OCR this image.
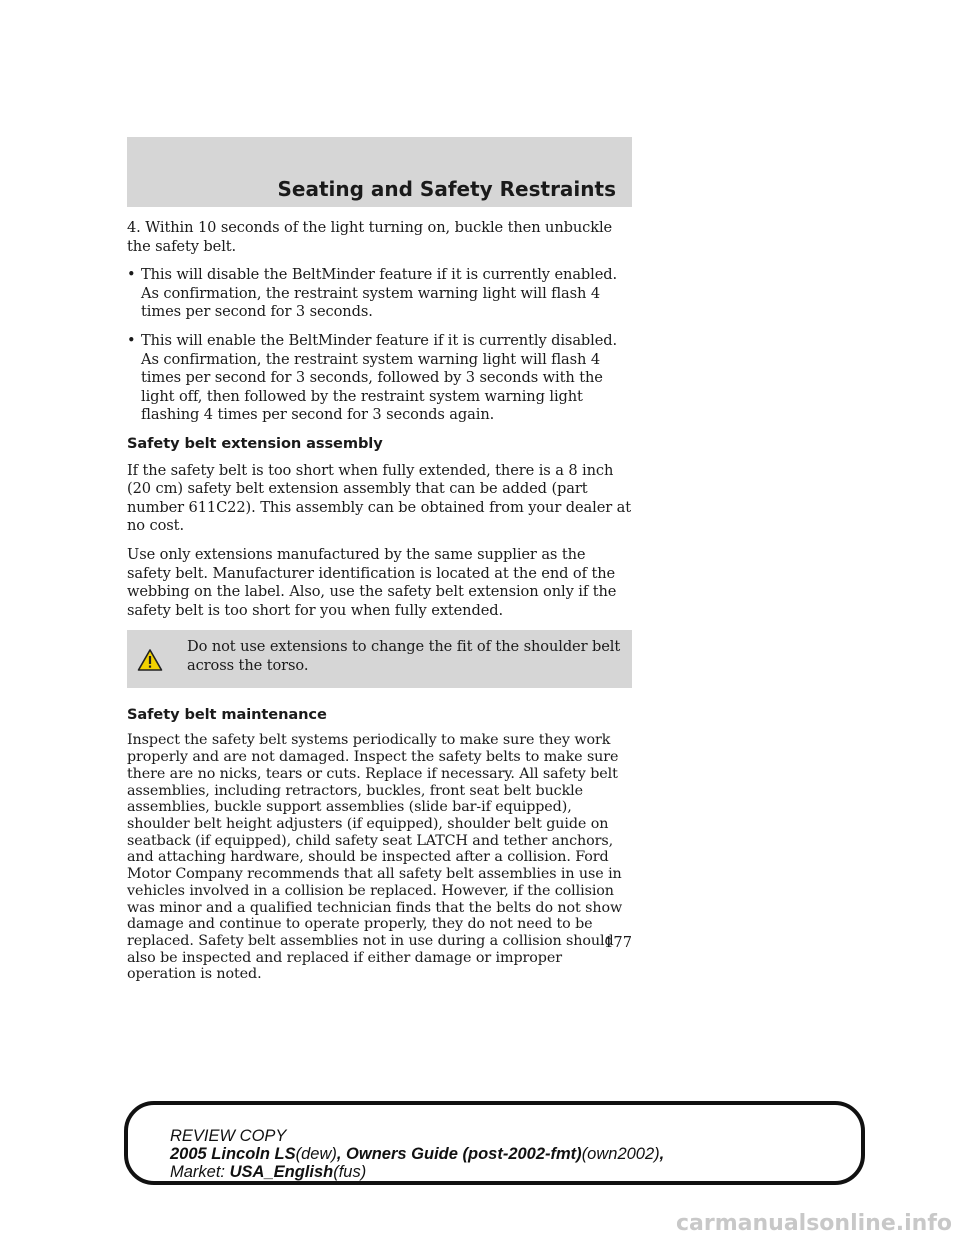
Seating and Safety Restraints

4. Within 10 seconds of the light turning on, buckle then unbuckle the safety belt.

• This will disable the BeltMinder feature if it is currently enabled. As confirmation, the restraint system warning light will flash 4 times per second for 3 seconds.
• This will enable the BeltMinder feature if it is currently disabled. As confirmation, the restraint system warning light will flash 4 times per second for 3 seconds, followed by 3 seconds with the light off, then followed by the restraint system warning light flashing 4 times per second for 3 seconds again.
Safety belt extension assembly

If the safety belt is too short when fully extended, there is a 8 inch (20 cm) safety belt extension assembly that can be added (part number 611C22). This assembly can be obtained from your dealer at no cost.

Use only extensions manufactured by the same supplier as the safety belt. Manufacturer identification is located at the end of the webbing on the label. Also, use the safety belt extension only if the safety belt is too short for you when fully extended.

Do not use extensions to change the fit of the shoulder belt across the torso.
Safety belt maintenance

Inspect the safety belt systems periodically to make sure they work properly and are not damaged. Inspect the safety belts to make sure there are no nicks, tears or cuts. Replace if necessary. All safety belt assemblies, including retractors, buckles, front seat belt buckle assemblies, buckle support assemblies (slide bar-if equipped), shoulder belt height adjusters (if equipped), shoulder belt guide on seatback (if equipped), child safety seat LATCH and tether anchors, and attaching hardware, should be inspected after a collision. Ford Motor Company recommends that all safety belt assemblies in use in vehicles involved in a collision be replaced. However, if the collision was minor and a qualified technician finds that the belts do not show damage and continue to operate properly, they do not need to be replaced. Safety belt assemblies not in use during a collision should also be inspected and replaced if either damage or improper operation is noted.

177
REVIEW COPY
2005 Lincoln LS(dew), Owners Guide (post-2002-fmt)(own2002),
Market: USA_English(fus)
carmanualsonline.info
